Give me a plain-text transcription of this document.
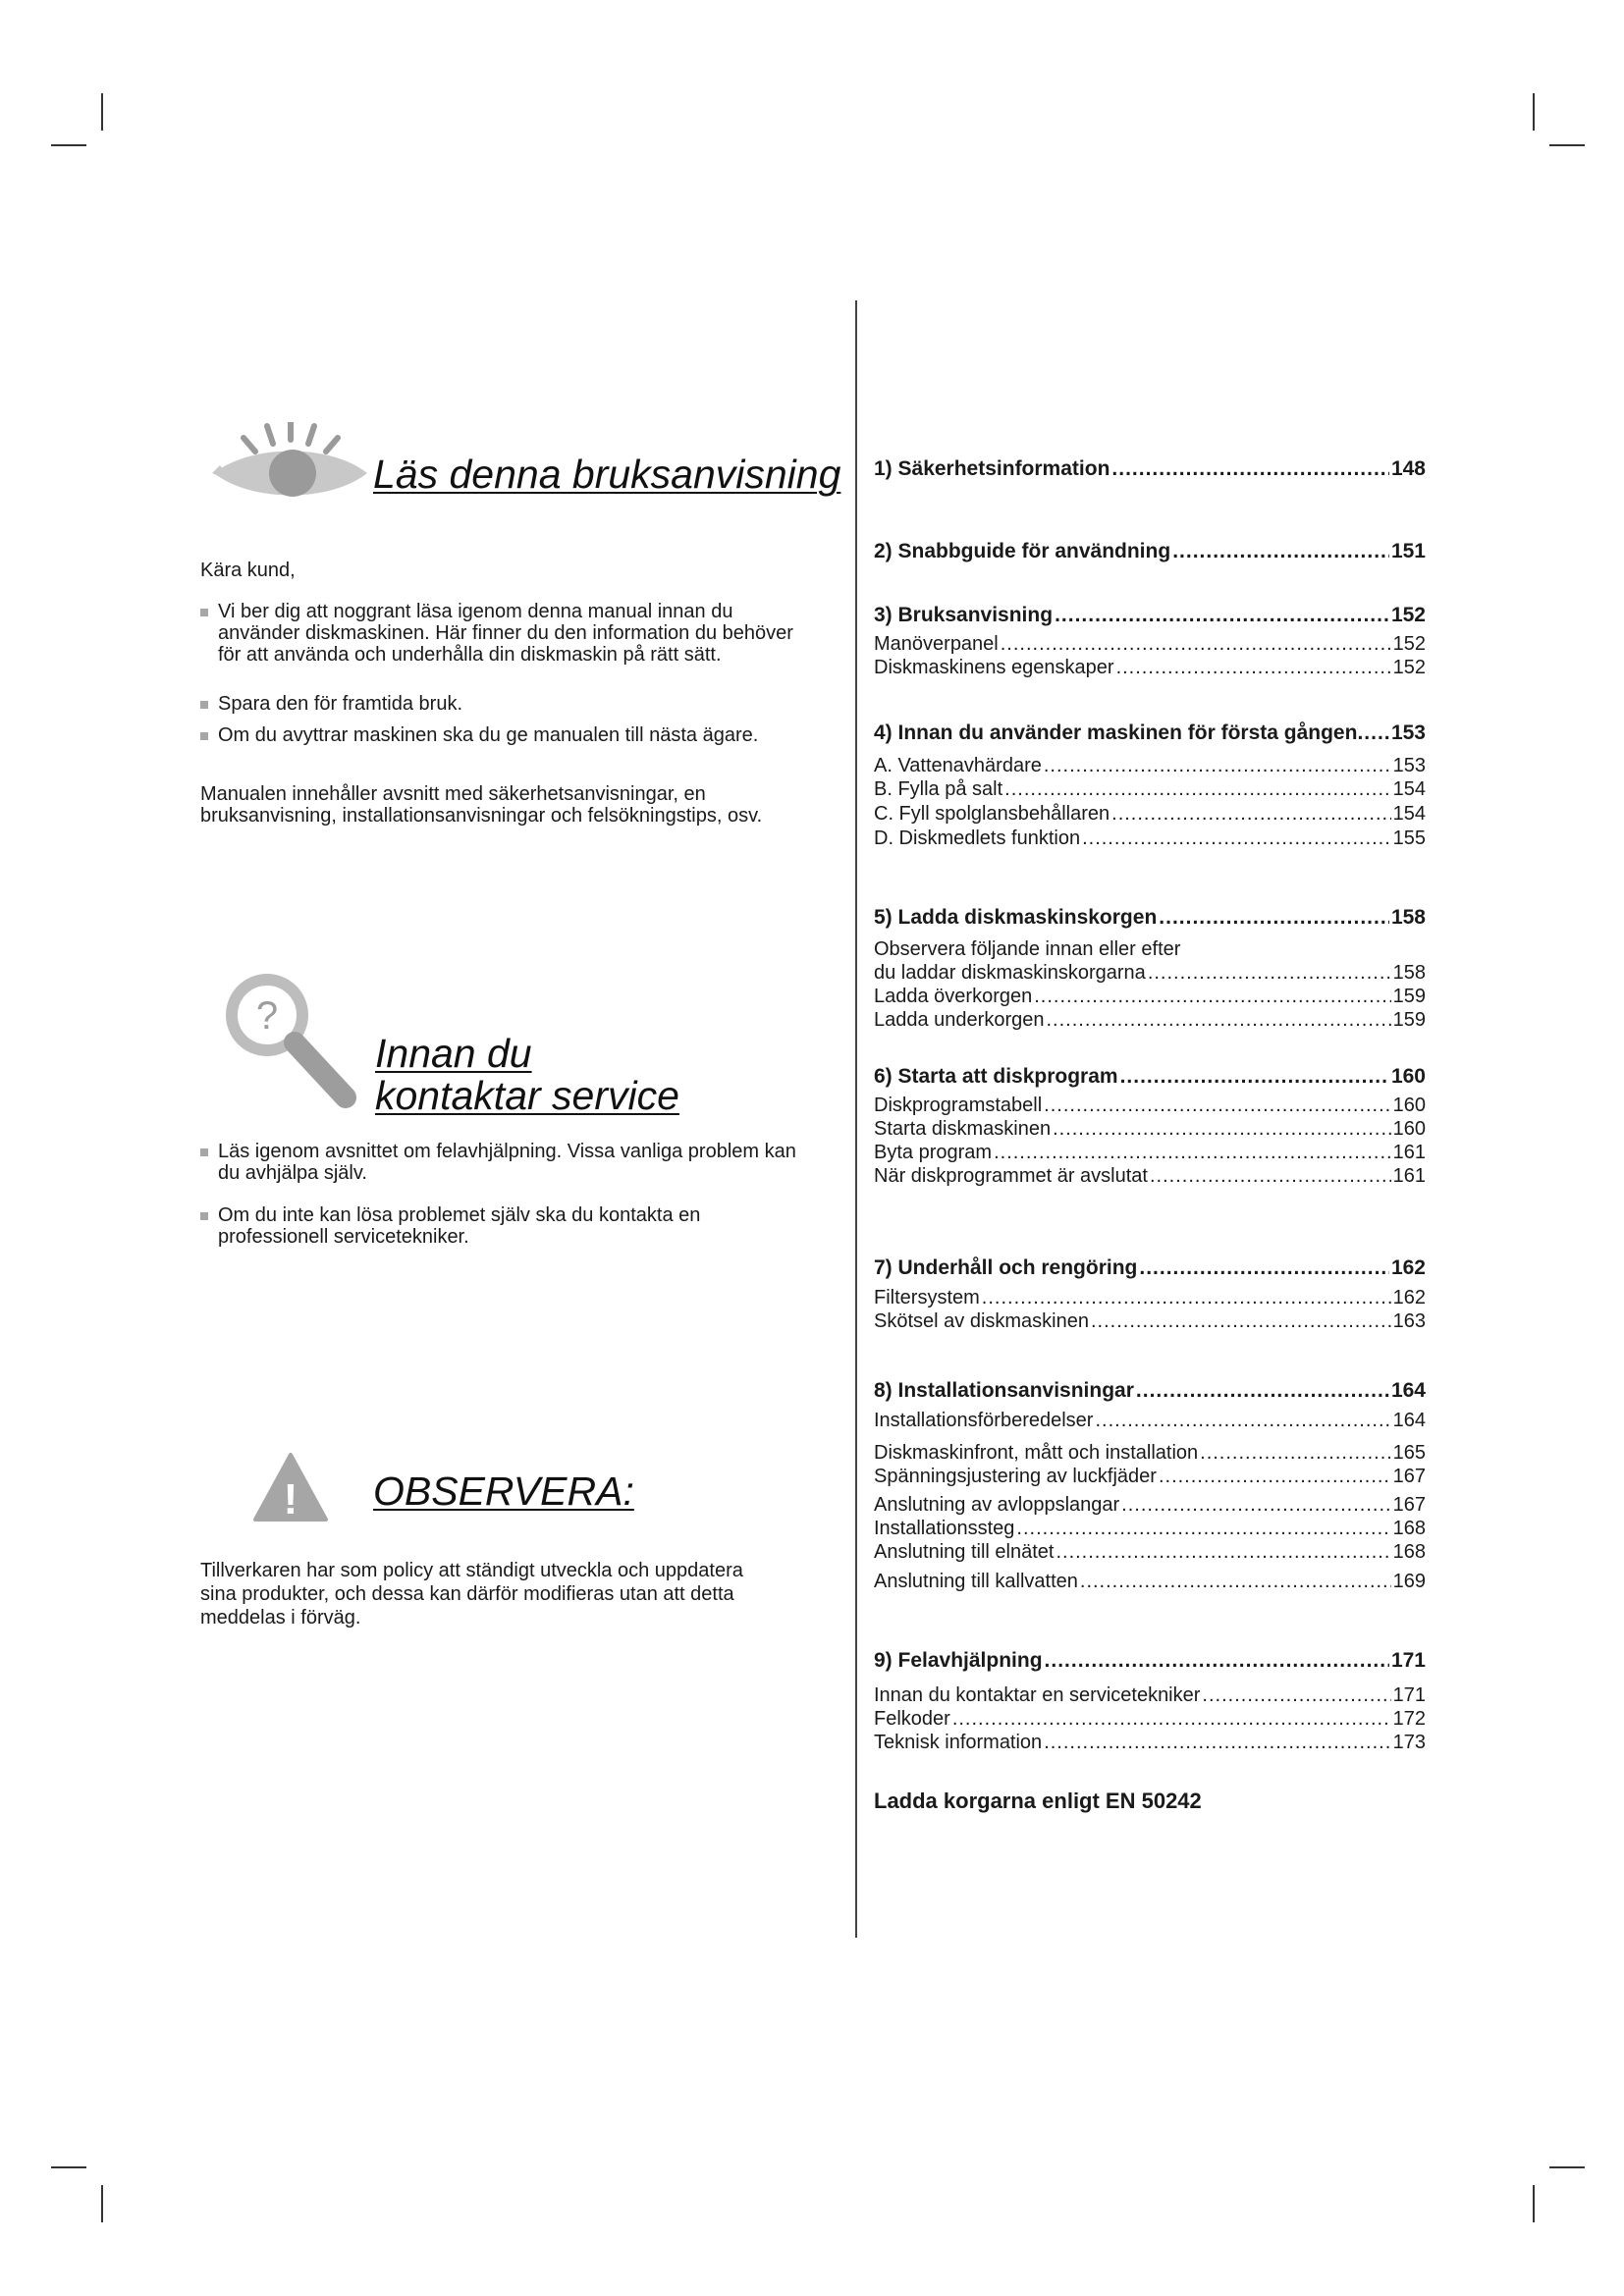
Läs denna bruksanvisning
Kära kund,
Vi ber dig att noggrant läsa igenom denna manual innan du använder diskmaskinen. Här finner du den information du behöver för att använda och underhålla din diskmaskin på rätt sätt.
Spara den för framtida bruk.
Om du avyttrar maskinen ska du ge manualen till nästa ägare.
Manualen innehåller avsnitt med säkerhetsanvisningar, en bruksanvisning, installationsanvisningar och felsökningstips, osv.
?
Innan du
kontaktar service
Läs igenom avsnittet om felavhjälpning. Vissa vanliga problem kan du avhjälpa själv.
Om du inte kan lösa problemet själv ska du kontakta en professionell servicetekniker.
! OBSERVERA:
Tillverkaren har som policy att ständigt utveckla och uppdatera sina produkter, och dessa kan därför modifieras utan att detta meddelas i förväg.
1) Säkerhetsinformation .....	148
2) Snabbguide för användning .....	151
3) Bruksanvisning .....	152
Manöverpanel .....	152
Diskmaskinens egenskaper .....	152
4) Innan du använder maskinen för första gången ..... 153
A. Vattenavhärdare .....	153
B. Fylla på salt .....	154
C. Fyll spolglansbehållaren .....	154
D. Diskmedlets funktion .....	155
5) Ladda diskmaskinskorgen .....	158
Observera följande innan eller efter
du laddar diskmaskinskorgarna .....	158
Ladda överkorgen .....	159
Ladda underkorgen .....	159
6) Starta att diskprogram .....	160
Diskprogramstabell .....	160
Starta diskmaskinen .....	160
Byta program .....	161
När diskprogrammet är avslutat .....	161
7) Underhåll och rengöring .....	162
Filtersystem .....	162
Skötsel av diskmaskinen .....	163
8) Installationsanvisningar .....	164
Installationsförberedelser .....	164
Diskmaskinfront, mått och installation .....	165
Spänningsjustering av luckfjäder .....	167
Anslutning av avloppslangar .....	167
Installationssteg .....	168
Anslutning till elnätet .....	168
Anslutning till kallvatten .....	169
9) Felavhjälpning .....	171
Innan du kontaktar en servicetekniker .....	171
Felkoder .....	172
Teknisk information .....	173
Ladda korgarna enligt EN 50242
